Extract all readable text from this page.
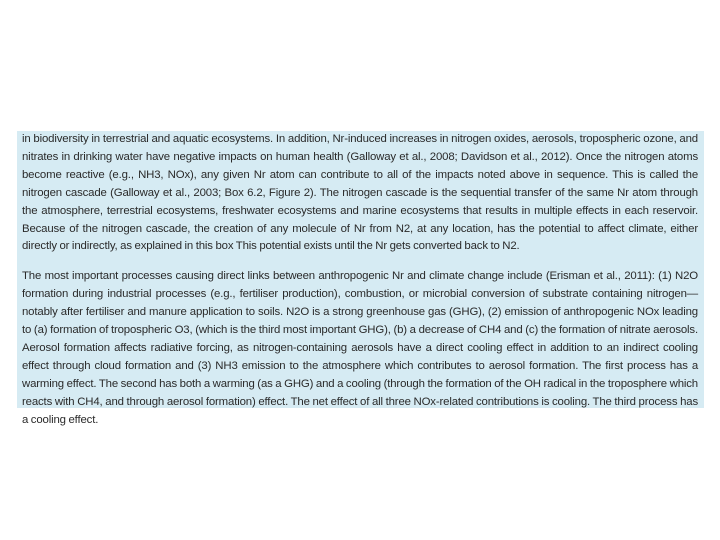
in biodiversity in terrestrial and aquatic ecosystems. In addition, Nr-induced increases in nitrogen oxides, aerosols, tropospheric ozone, and nitrates in drinking water have negative impacts on human health (Galloway et al., 2008; Davidson et al., 2012). Once the nitrogen atoms become reactive (e.g., NH3, NOx), any given Nr atom can contribute to all of the impacts noted above in sequence. This is called the nitrogen cascade (Galloway et al., 2003; Box 6.2, Figure 2). The nitrogen cascade is the sequential transfer of the same Nr atom through the atmosphere, terrestrial ecosystems, freshwater ecosystems and marine ecosystems that results in multiple effects in each reservoir. Because of the nitrogen cascade, the creation of any molecule of Nr from N2, at any location, has the potential to affect climate, either directly or indirectly, as explained in this box This potential exists until the Nr gets converted back to N2.

The most important processes causing direct links between anthropogenic Nr and climate change include (Erisman et al., 2011): (1) N2O formation during industrial processes (e.g., fertiliser production), combustion, or microbial conversion of substrate containing nitrogen—notably after fertiliser and manure application to soils. N2O is a strong greenhouse gas (GHG), (2) emission of anthropogenic NOx leading to (a) formation of tropospheric O3, (which is the third most important GHG), (b) a decrease of CH4 and (c) the formation of nitrate aerosols. Aerosol formation affects radiative forcing, as nitrogen-containing aerosols have a direct cooling effect in addition to an indirect cooling effect through cloud formation and (3) NH3 emission to the atmosphere which contributes to aerosol formation. The first process has a warming effect. The second has both a warming (as a GHG) and a cooling (through the formation of the OH radical in the troposphere which reacts with CH4, and through aerosol formation) effect. The net effect of all three NOx-related contributions is cooling. The third process has a cooling effect.
